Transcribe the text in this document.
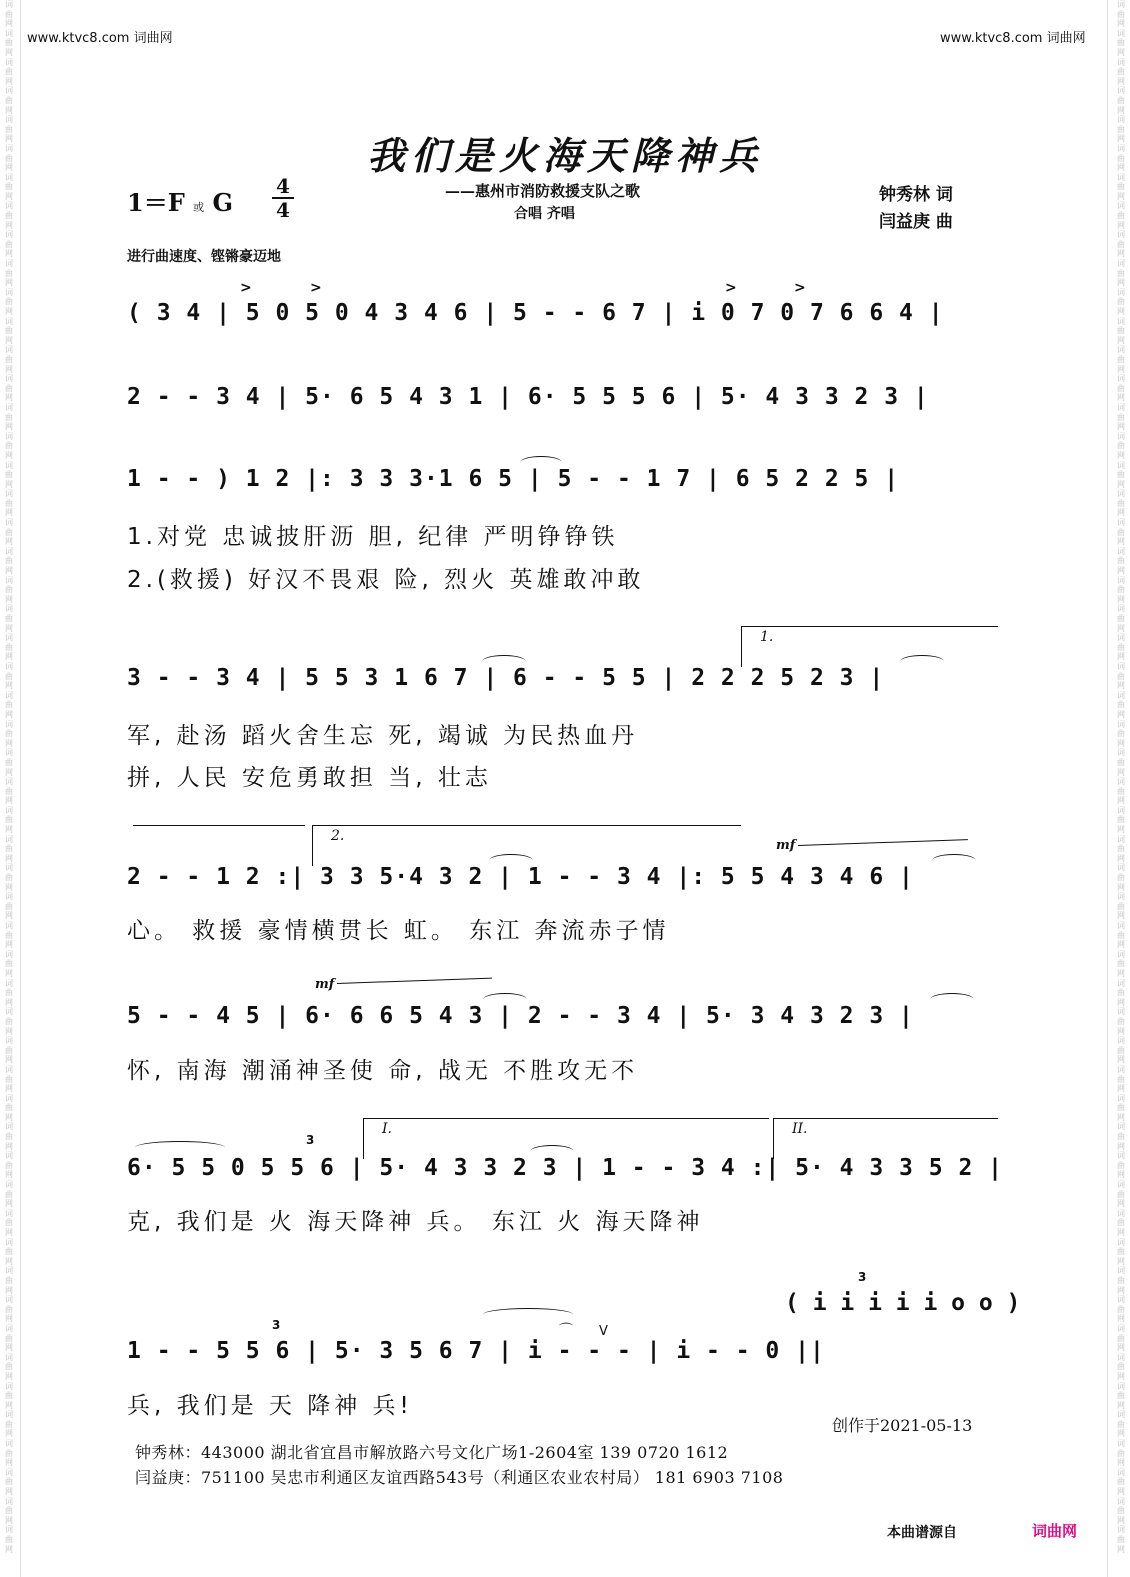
词
曲
网
词
曲
网
词
曲
网
词
曲
网
词
曲
网
词
曲
网
词
曲
网
词
曲
网
词
曲
网
词
曲
网
词
曲
网
词
曲
网
词
曲
网
词
曲
网
词
曲
网
词
曲
网
词
曲
网
词
曲
网
词
曲
网
词
曲
网
词
曲
网
词
曲
网
词
曲
网
词
曲
网
词
曲
网
词
曲
网
词
曲
网
词
曲
网
词
曲
网
词
曲
网
词
曲
网
词
曲
网
词
曲
网
词
曲
网
词
曲
网
词
曲
网
词
曲
网
词
曲
网
词
曲
网
词
曲
网
词
曲
网
词
曲
网
词
曲
网
词
曲
网
词
曲
网
词
曲
网
词
曲
网
词
曲
网
词
曲
网
词
曲
网
词
曲
网
词
曲
网
词
曲
网
词
曲
网
词
曲
网
词
曲
网
词
曲
网
词
曲
网
词
曲
网
词
曲
网
词
曲
网
词
曲
网
词
曲
网
词
曲
网
词
曲
网
词
曲
网
词
曲
网
词
曲
网
词
曲
网
词
曲
网
词
曲
网
词
曲
网
词
曲
网
词
曲
网
词
曲
网
词
曲
网
词
曲
网
词
曲
网
词
曲
网
词
曲
网
词
曲
网
词
曲
网
词
曲
网
词
曲
网
词
曲
网
词
曲
网
词
曲
网
词
曲
网
词
曲
网
词
曲
网
词
曲
网
词
曲
网
词
曲
网
词
曲
网
词
曲
网
词
曲
网
词
曲
网
词
曲
网
词
曲
网
词
曲
网
词
曲
网
词
曲
网
词
曲
网
词
曲
网
词
曲
网
词
曲
网
词
曲
网
词
曲
网
www.ktvc8.com 词曲网	www.ktvc8.com 词曲网
我们是火海天降神兵
——惠州市消防救援支队之歌
合唱 齐唱
1＝F 或 G
4
4
钟秀林 词
闫益庚 曲
进行曲速度、铿锵豪迈地
( 3 4 | 5 0 5 0 4 3 4 6 | 5 - - 6 7 | i 0 7 0 7 6 6 4 |
>	>	>	>
2 - - 3 4 | 5· 6 5 4 3 1 | 6· 5 5 5 6 | 5· 4 3 3 2 3 |
1 - - ) 1 2 |: 3 3 3·1 6 5 | 5 - - 1 7 | 6 5 2 2 5 |
1.对党 忠诚披肝沥 胆, 纪律 严明铮铮铁
2.(救援) 好汉不畏艰 险, 烈火 英雄敢冲敢
1.
3 - - 3 4 | 5 5 3 1 6 7 | 6 - - 5 5 | 2 2 2 5 2 3 |
军, 赴汤 蹈火舍生忘 死, 竭诚 为民热血丹
拼, 人民 安危勇敢担 当, 壮志
2.
mf
2 - - 1 2 :| 3 3 5·4 3 2 | 1 - - 3 4 |: 5 5 4 3 4 6 |
心。 救援 豪情横贯长 虹。 东江 奔流赤子情
mf
5 - - 4 5 | 6· 6 6 5 4 3 | 2 - - 3 4 | 5· 3 4 3 2 3 |
怀, 南海 潮涌神圣使 命, 战无 不胜攻无不
I.	II.
6· 5 5 0 5 5 6 | 5· 4 3 3 2 3 | 1 - - 3 4 :| 5· 4 3 3 5 2 |
3
克, 我们是 火 海天降神 兵。 东江 火 海天降神
( i i i i i o o )
3
1 - - 5 5 6 | 5· 3 5 6 7 | i - - - | i - - 0 ||
3	⌒ V
兵, 我们是 天 降神 兵!
创作于2021-05-13
钟秀林：443000 湖北省宜昌市解放路六号文化广场1-2604室 139 0720 1612
闫益庚：751100 吴忠市利通区友谊西路543号（利通区农业农村局） 181 6903 7108
本曲谱源自	词曲网
